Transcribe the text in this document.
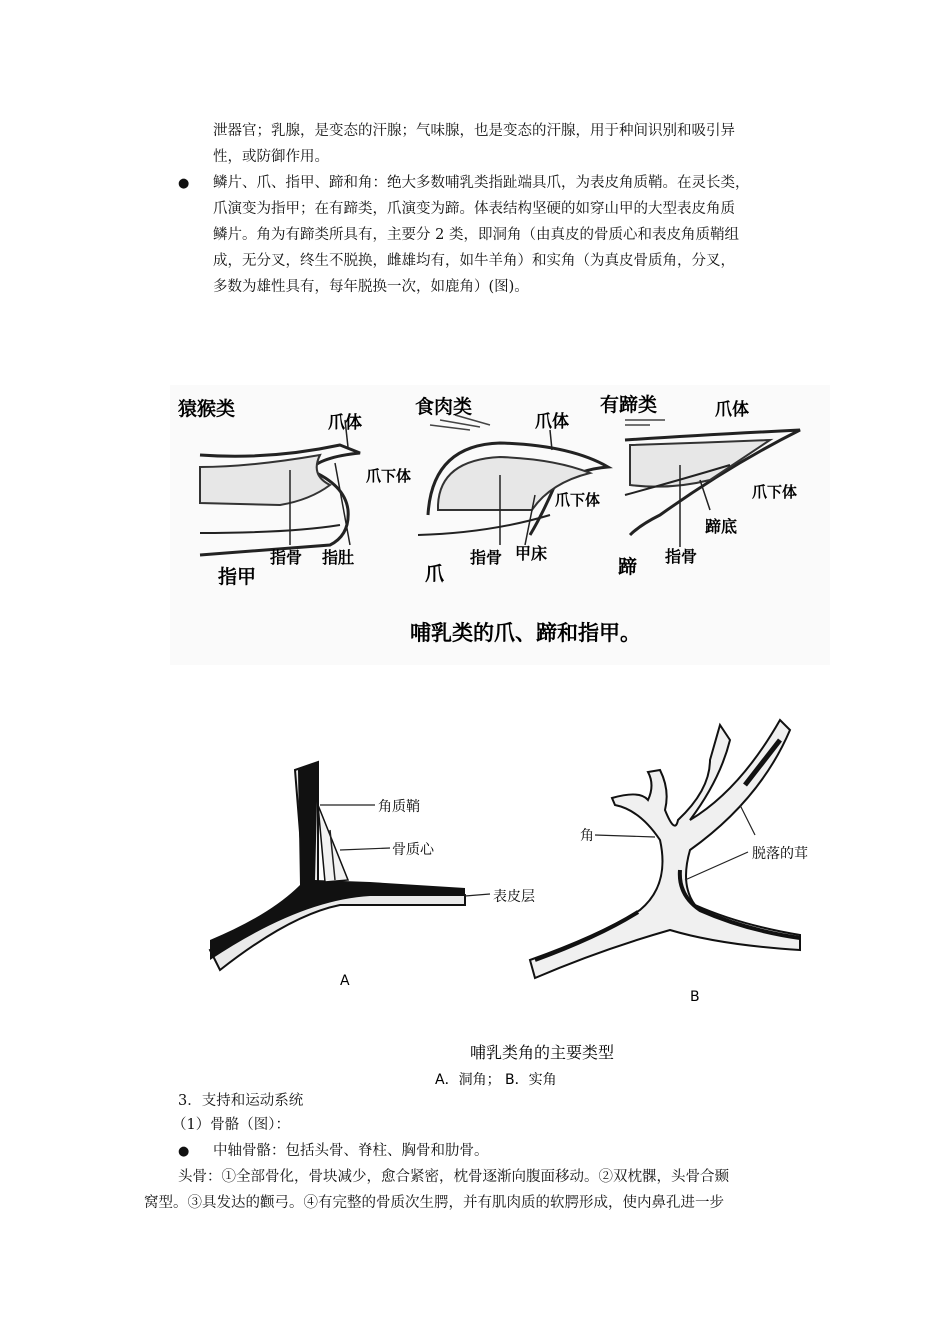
泄器官；乳腺，是变态的汗腺；气味腺，也是变态的汗腺，用于种间识别和吸引异

性，或防御作用。

● 鳞片、爪、指甲、蹄和角：绝大多数哺乳类指趾端具爪，为表皮角质鞘。在灵长类，

爪演变为指甲；在有蹄类，爪演变为蹄。体表结构坚硬的如穿山甲的大型表皮角质

鳞片。角为有蹄类所具有，主要分 2 类，即洞角（由真皮的骨质心和表皮角质鞘组

成，无分叉，终生不脱换，雌雄均有，如牛羊角）和实角（为真皮骨质角，分叉，

多数为雄性具有，每年脱换一次，如鹿角）(图)。

猿猴类
爪体
爪下体
指骨 指肚
指甲
食肉类
爪体
爪下体
指骨 甲床
爪
有蹄类	爪体
爪下体
蹄底
指骨
蹄
哺乳类的爪、蹄和指甲。
角质鞘
骨质心
表皮层
A
角
脱落的茸
B
哺乳类角的主要类型
A．洞角； B．实角

3．支持和运动系统

（1）骨骼（图）：

● 中轴骨骼：包括头骨、脊柱、胸骨和肋骨。

头骨：①全部骨化，骨块减少，愈合紧密，枕骨逐渐向腹面移动。②双枕髁，头骨合颞

窝型。③具发达的颧弓。④有完整的骨质次生腭，并有肌肉质的软腭形成，使内鼻孔进一步
